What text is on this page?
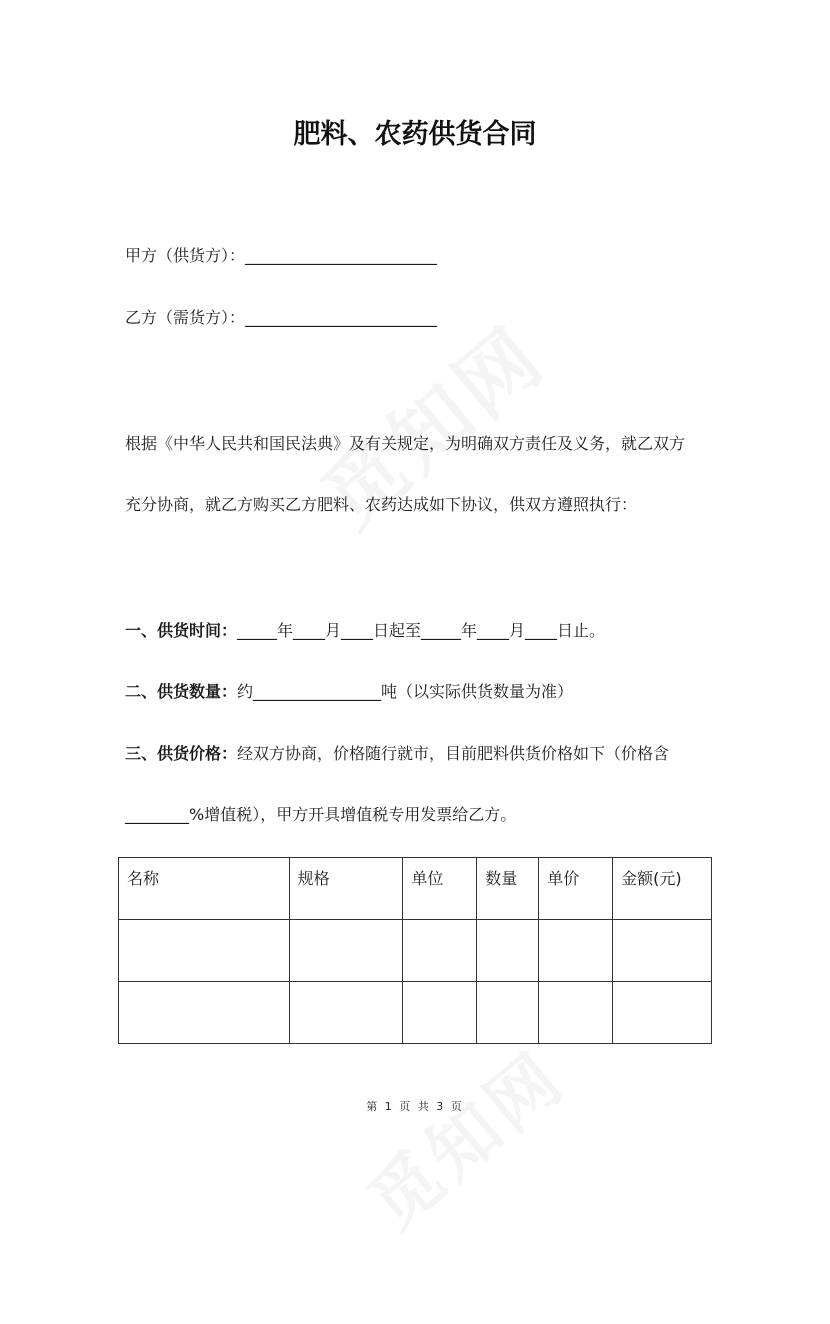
肥料、农药供货合同
甲方（供货方）：________________________
乙方（需货方）：________________________
根据《中华人民共和国民法典》及有关规定，为明确双方责任及义务，就乙双方
充分协商，就乙方购买乙方肥料、农药达成如下协议，供双方遵照执行：
一、供货时间：_____年____月____日起至_____年____月____日止。
二、供货数量：约________________吨（以实际供货数量为准）
三、供货价格：经双方协商，价格随行就市，目前肥料供货价格如下（价格含
________%增值税），甲方开具增值税专用发票给乙方。
名称	规格	单位	数量	单价	金额(元)

第 1 页 共 3 页
